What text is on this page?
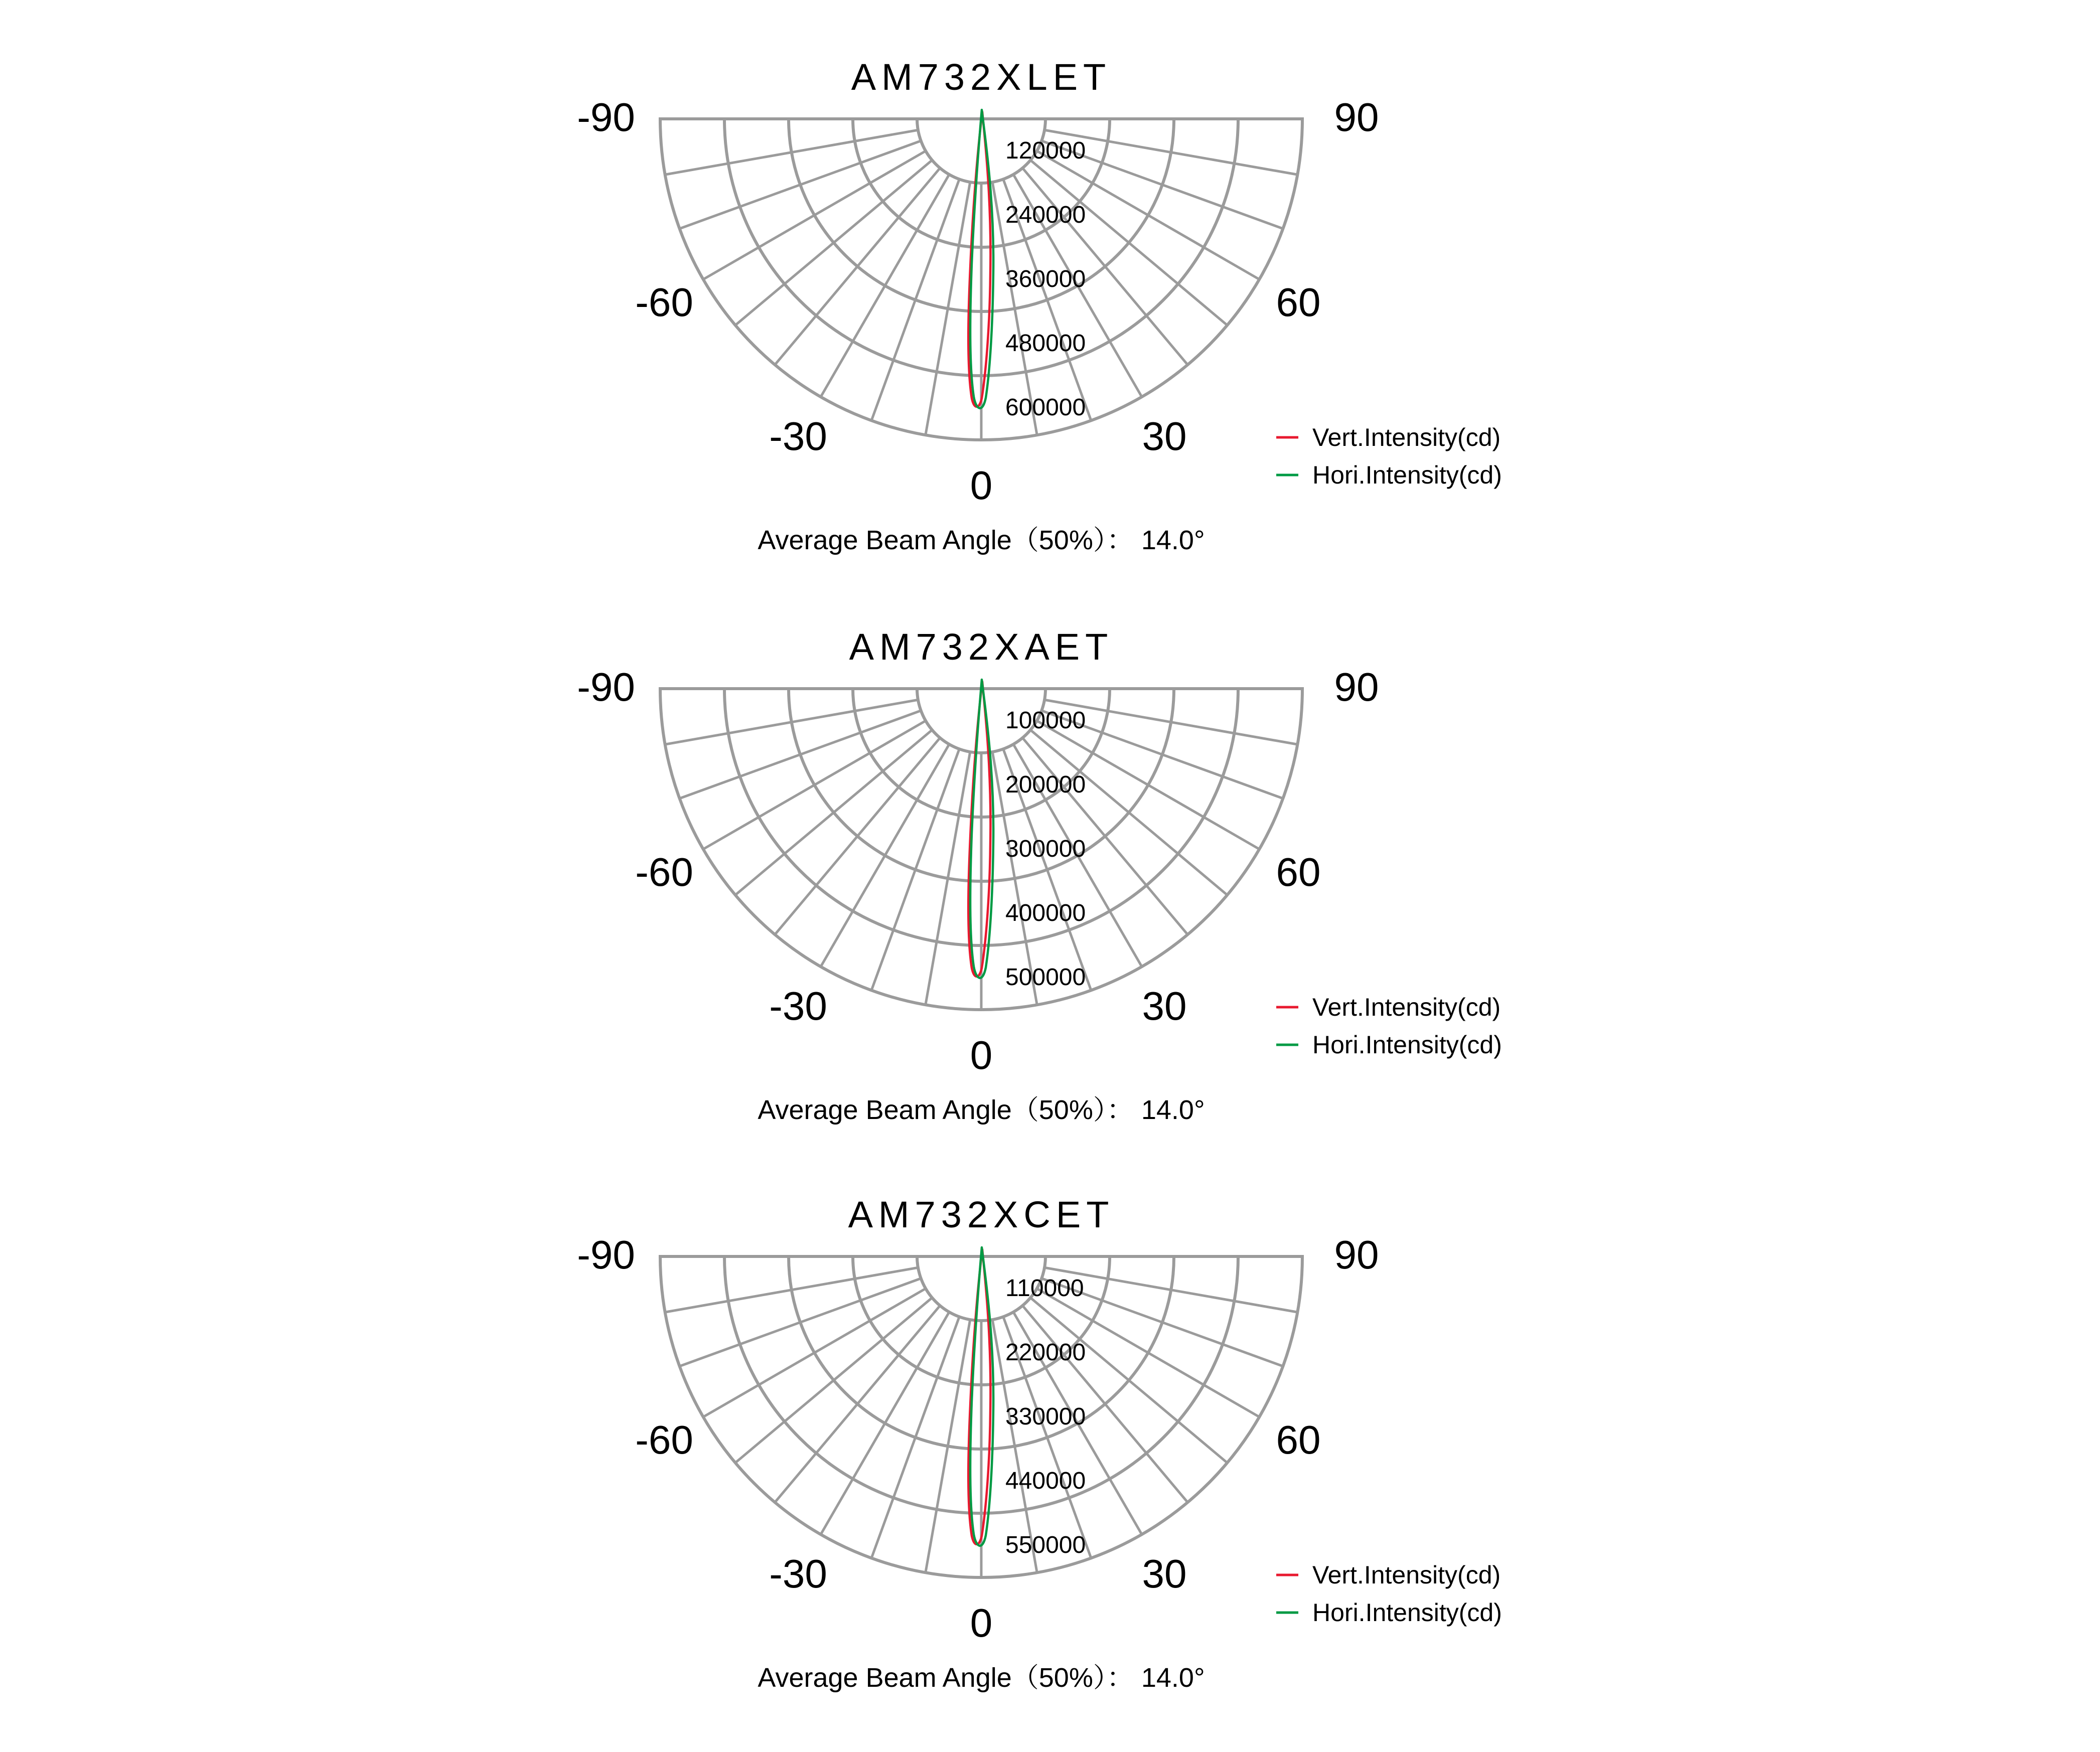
AM732XLET
120000
240000
360000
480000
600000
-90
-60
-30
0
30
60
90
Vert.Intensity(cd)
Hori.Intensity(cd)
Average Beam Angle（50%）： 14.0°
AM732XAET
100000
200000
300000
400000
500000
-90
-60
-30
0
30
60
90
Vert.Intensity(cd)
Hori.Intensity(cd)
Average Beam Angle（50%）： 14.0°
AM732XCET
110000
220000
330000
440000
550000
-90
-60
-30
0
30
60
90
Vert.Intensity(cd)
Hori.Intensity(cd)
Average Beam Angle（50%）： 14.0°
